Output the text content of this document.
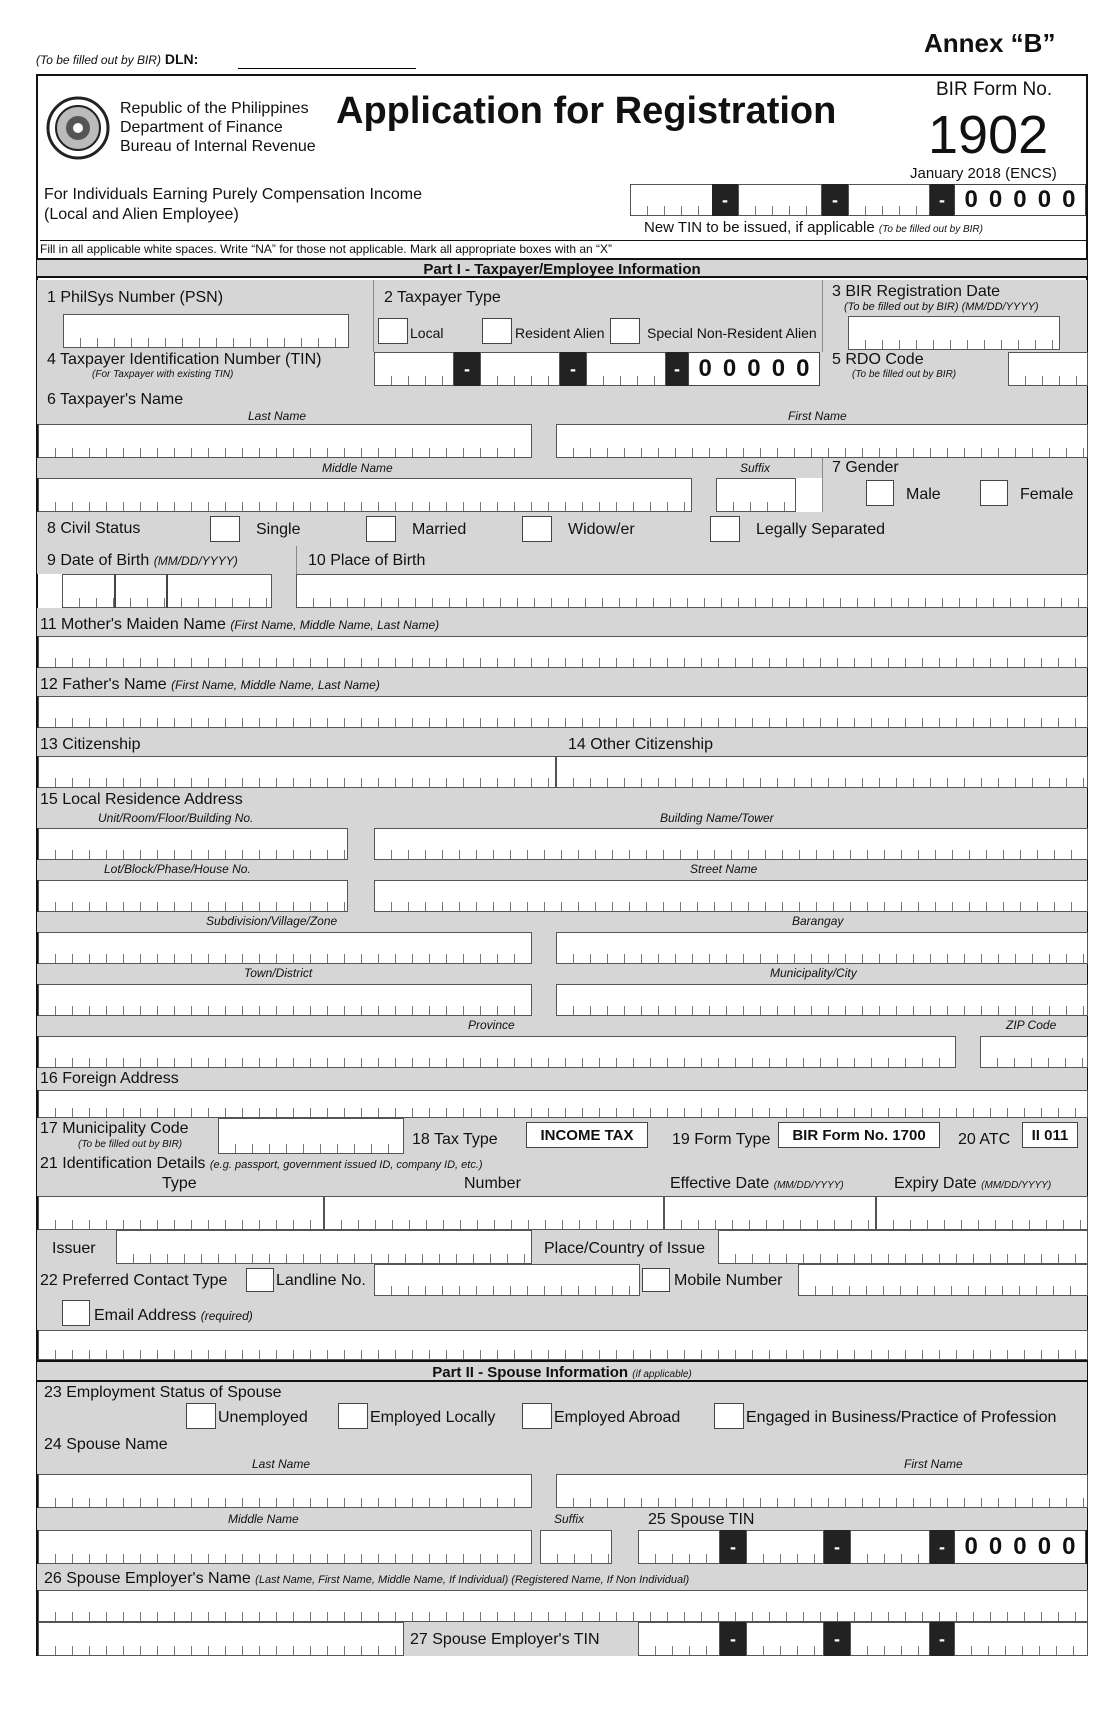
(To be filled out by BIR) DLN:
Annex “B”
Republic of the Philippines
Department of Finance
Bureau of Internal Revenue
Application for Registration
BIR Form No.
1902
January 2018 (ENCS)
For Individuals Earning Purely Compensation Income
(Local and Alien Employee)
-	-	- 0 0 0 0 0
New TIN to be issued, if applicable (To be filled out by BIR)
Fill in all applicable white spaces. Write “NA” for those not applicable. Mark all appropriate boxes with an “X”
Part I - Taxpayer/Employee Information
1 PhilSys Number (PSN)	2 Taxpayer Type
Local	Resident Alien	Special Non-Resident Alien
3 BIR Registration Date
(To be filled out by BIR) (MM/DD/YYYY)
4 Taxpayer Identification Number (TIN)
(For Taxpayer with existing TIN)	-	-	- 0 0 0 0 0 5 RDO Code
(To be filled out by BIR)
6 Taxpayer's Name
Last Name	First Name
Middle Name	Suffix	7 Gender
Male	Female
8 Civil Status	Single	Married	Widow/er	Legally Separated
9 Date of Birth (MM/DD/YYYY)	10 Place of Birth
11 Mother's Maiden Name (First Name, Middle Name, Last Name)
12 Father's Name (First Name, Middle Name, Last Name)
13 Citizenship	14 Other Citizenship
15 Local Residence Address
Unit/Room/Floor/Building No.	Building Name/Tower
Lot/Block/Phase/House No.	Street Name
Subdivision/Village/Zone	Barangay
Town/District	Municipality/City
Province	ZIP Code
16 Foreign Address
17 Municipality Code
(To be filled out by BIR)	18 Tax Type	INCOME TAX	19 Form Type	BIR Form No. 1700	20 ATC	II 011
21 Identification Details (e.g. passport, government issued ID, company ID, etc.)
Type	Number	Effective Date (MM/DD/YYYY)	Expiry Date (MM/DD/YYYY)
Issuer	Place/Country of Issue
22 Preferred Contact Type	Landline No.	Mobile Number
Email Address (required)
Part II - Spouse Information (if applicable)
23 Employment Status of Spouse
Unemployed	Employed Locally	Employed Abroad	Engaged in Business/Practice of Profession
24 Spouse Name
Last Name	First Name
Middle Name	Suffix	25 Spouse TIN
-	-	- 0 0 0 0 0
26 Spouse Employer's Name (Last Name, First Name, Middle Name, If Individual) (Registered Name, If Non Individual)
27 Spouse Employer's TIN	-	-	-
